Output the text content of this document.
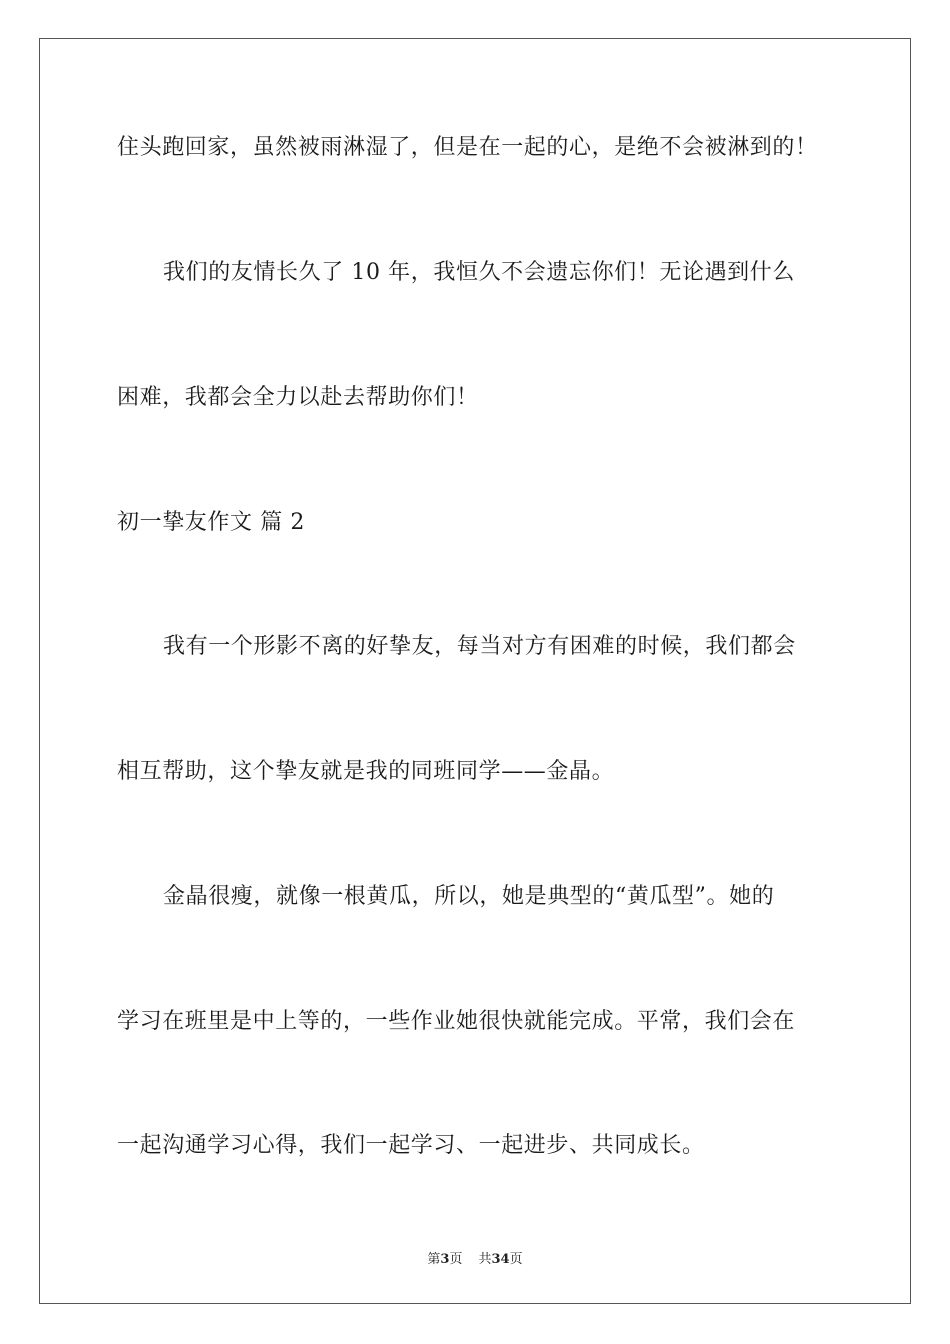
住头跑回家，虽然被雨淋湿了，但是在一起的心，是绝不会被淋到的！
我们的友情长久了 10 年，我恒久不会遗忘你们！无论遇到什么
困难，我都会全力以赴去帮助你们！
初一挚友作文 篇 2
我有一个形影不离的好挚友，每当对方有困难的时候，我们都会
相互帮助，这个挚友就是我的同班同学——金晶。
金晶很瘦，就像一根黄瓜，所以，她是典型的“黄瓜型”。她的
学习在班里是中上等的，一些作业她很快就能完成。平常，我们会在
一起沟通学习心得，我们一起学习、一起进步、共同成长。
第3页 共34页
